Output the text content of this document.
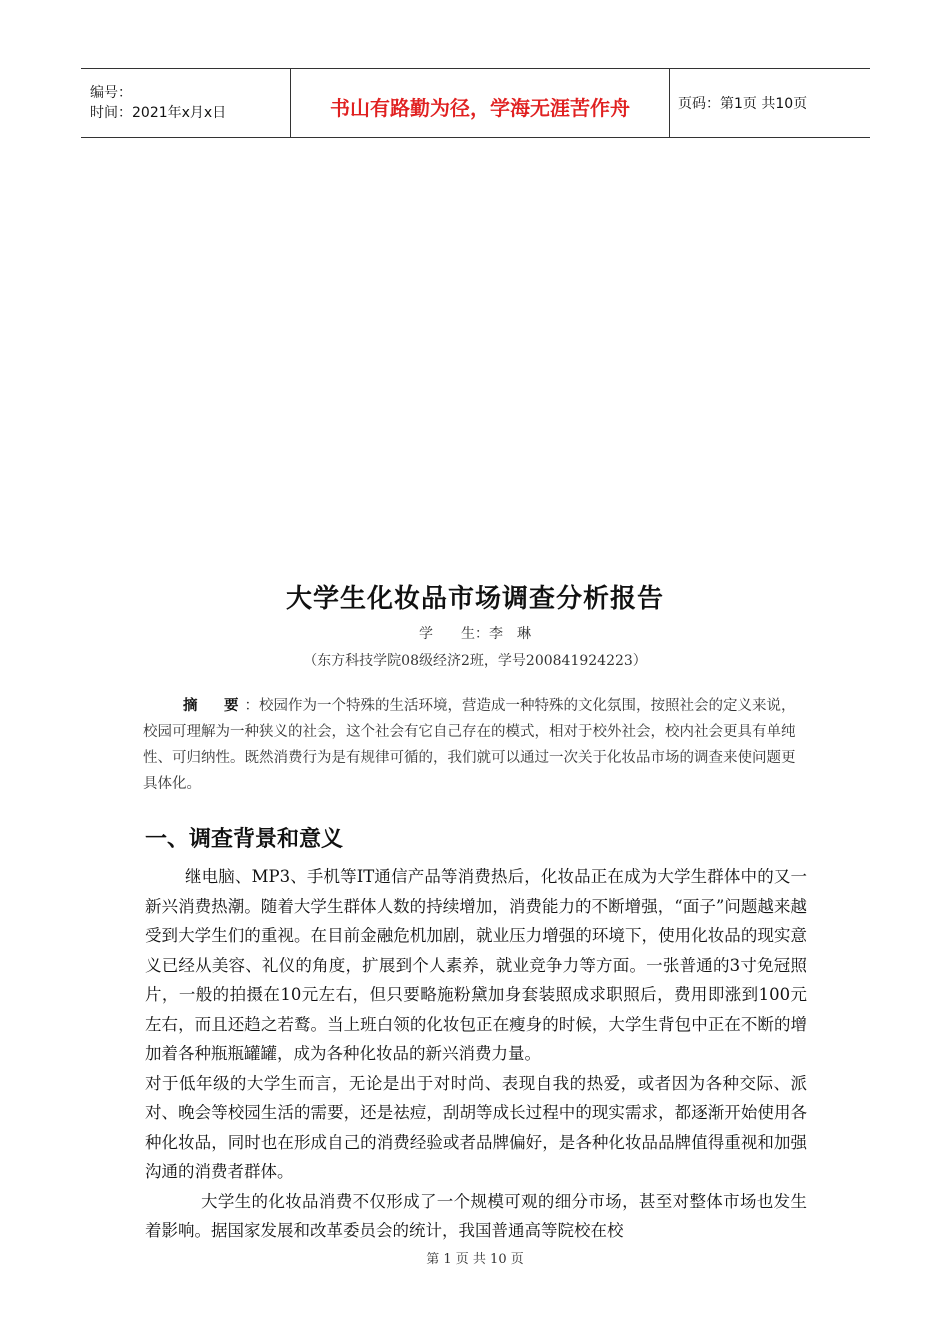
编号：
时间：2021年x月x日	书山有路勤为径，学海无涯苦作舟	页码：第1页 共10页
大学生化妆品市场调查分析报告
学　　生：李　琳
（东方科技学院08级经济2班，学号200841924223）
摘　要：校园作为一个特殊的生活环境，营造成一种特殊的文化氛围，按照社会的定义来说，校园可理解为一种狭义的社会，这个社会有它自己存在的模式，相对于校外社会，校内社会更具有单纯性、可归纳性。既然消费行为是有规律可循的，我们就可以通过一次关于化妆品市场的调查来使问题更具体化。
一、调查背景和意义

继电脑、MP3、手机等IT通信产品等消费热后，化妆品正在成为大学生群体中的又一新兴消费热潮。随着大学生群体人数的持续增加，消费能力的不断增强，“面子”问题越来越受到大学生们的重视。在目前金融危机加剧，就业压力增强的环境下，使用化妆品的现实意义已经从美容、礼仪的角度，扩展到个人素养，就业竞争力等方面。一张普通的3寸免冠照片，一般的拍摄在10元左右，但只要略施粉黛加身套装照成求职照后，费用即涨到100元左右，而且还趋之若鹜。当上班白领的化妆包正在瘦身的时候，大学生背包中正在不断的增加着各种瓶瓶罐罐，成为各种化妆品的新兴消费力量。

对于低年级的大学生而言，无论是出于对时尚、表现自我的热爱，或者因为各种交际、派对、晚会等校园生活的需要，还是祛痘，刮胡等成长过程中的现实需求，都逐渐开始使用各种化妆品，同时也在形成自己的消费经验或者品牌偏好，是各种化妆品品牌值得重视和加强沟通的消费者群体。

大学生的化妆品消费不仅形成了一个规模可观的细分市场，甚至对整体市场也发生着影响。据国家发展和改革委员会的统计，我国普通高等院校在校

第 1 页 共 10 页
